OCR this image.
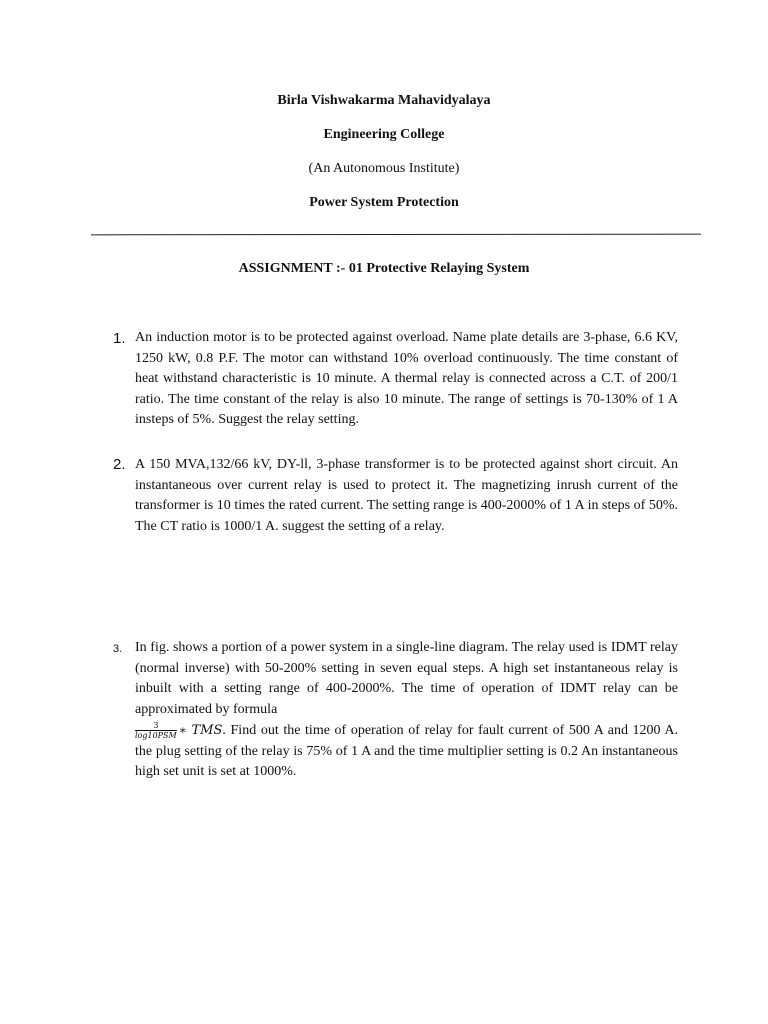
Birla Vishwakarma Mahavidyalaya
Engineering College
(An Autonomous Institute)
Power System Protection
ASSIGNMENT :- 01 Protective Relaying System
1. An induction motor is to be protected against overload. Name plate details are 3-phase, 6.6 KV, 1250 kW, 0.8 P.F. The motor can withstand 10% overload continuously. The time constant of heat withstand characteristic is 10 minute. A thermal relay is connected across a C.T. of 200/1 ratio. The time constant of the relay is also 10 minute. The range of settings is 70-130% of 1 A insteps of 5%. Suggest the relay setting.
2. A 150 MVA,132/66 kV, DY-ll, 3-phase transformer is to be protected against short circuit. An instantaneous over current relay is used to protect it. The magnetizing inrush current of the transformer is 10 times the rated current. The setting range is 400-2000% of 1 A in steps of 50%. The CT ratio is 1000/1 A. suggest the setting of a relay.
3. In fig. shows a portion of a power system in a single-line diagram. The relay used is IDMT relay (normal inverse) with 50-200% setting in seven equal steps. A high set instantaneous relay is inbuilt with a setting range of 400-2000%. The time of operation of IDMT relay can be approximated by formula

3
log10PSM ∗ TMS. Find out the time of operation of relay for fault current of 500 A and 1200 A. the plug setting of the relay is 75% of 1 A and the time multiplier setting is 0.2 An instantaneous high set unit is set at 1000%.
